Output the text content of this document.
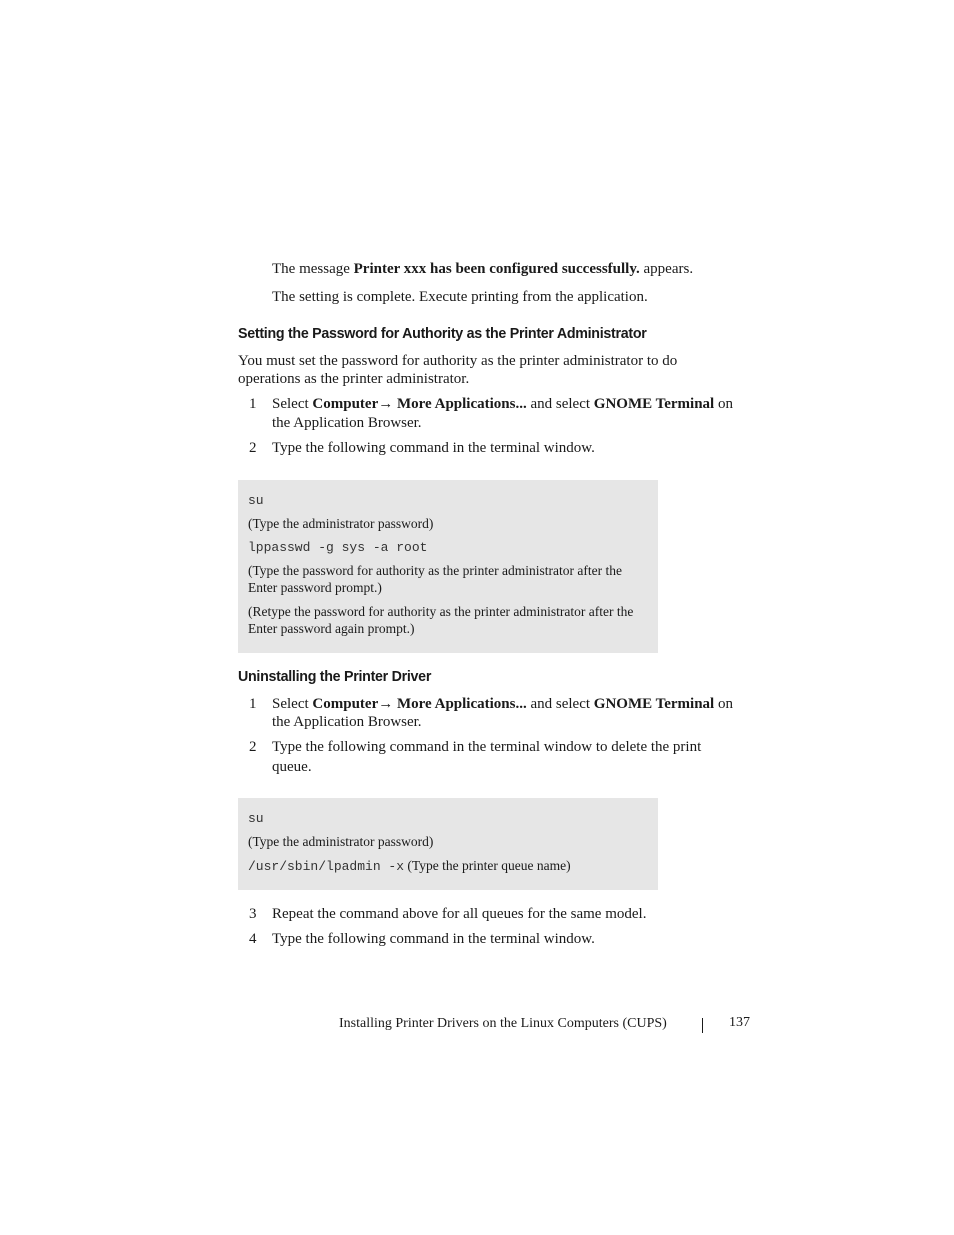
The message Printer xxx has been configured successfully. appears.
The setting is complete. Execute printing from the application.
Setting the Password for Authority as the Printer Administrator
You must set the password for authority as the printer administrator to do
operations as the printer administrator.
1	Select Computer→ More Applications... and select GNOME Terminal on
the Application Browser.
2	Type the following command in the terminal window.
su
(Type the administrator password)
lppasswd -g sys -a root
(Type the password for authority as the printer administrator after the
Enter password prompt.)
(Retype the password for authority as the printer administrator after the
Enter password again prompt.)
Uninstalling the Printer Driver
1	Select Computer→ More Applications... and select GNOME Terminal on
the Application Browser.
2	Type the following command in the terminal window to delete the print
queue.
su
(Type the administrator password)
/usr/sbin/lpadmin -x (Type the printer queue name)
3	Repeat the command above for all queues for the same model.
4	Type the following command in the terminal window.
Installing Printer Drivers on the Linux Computers (CUPS)	137
